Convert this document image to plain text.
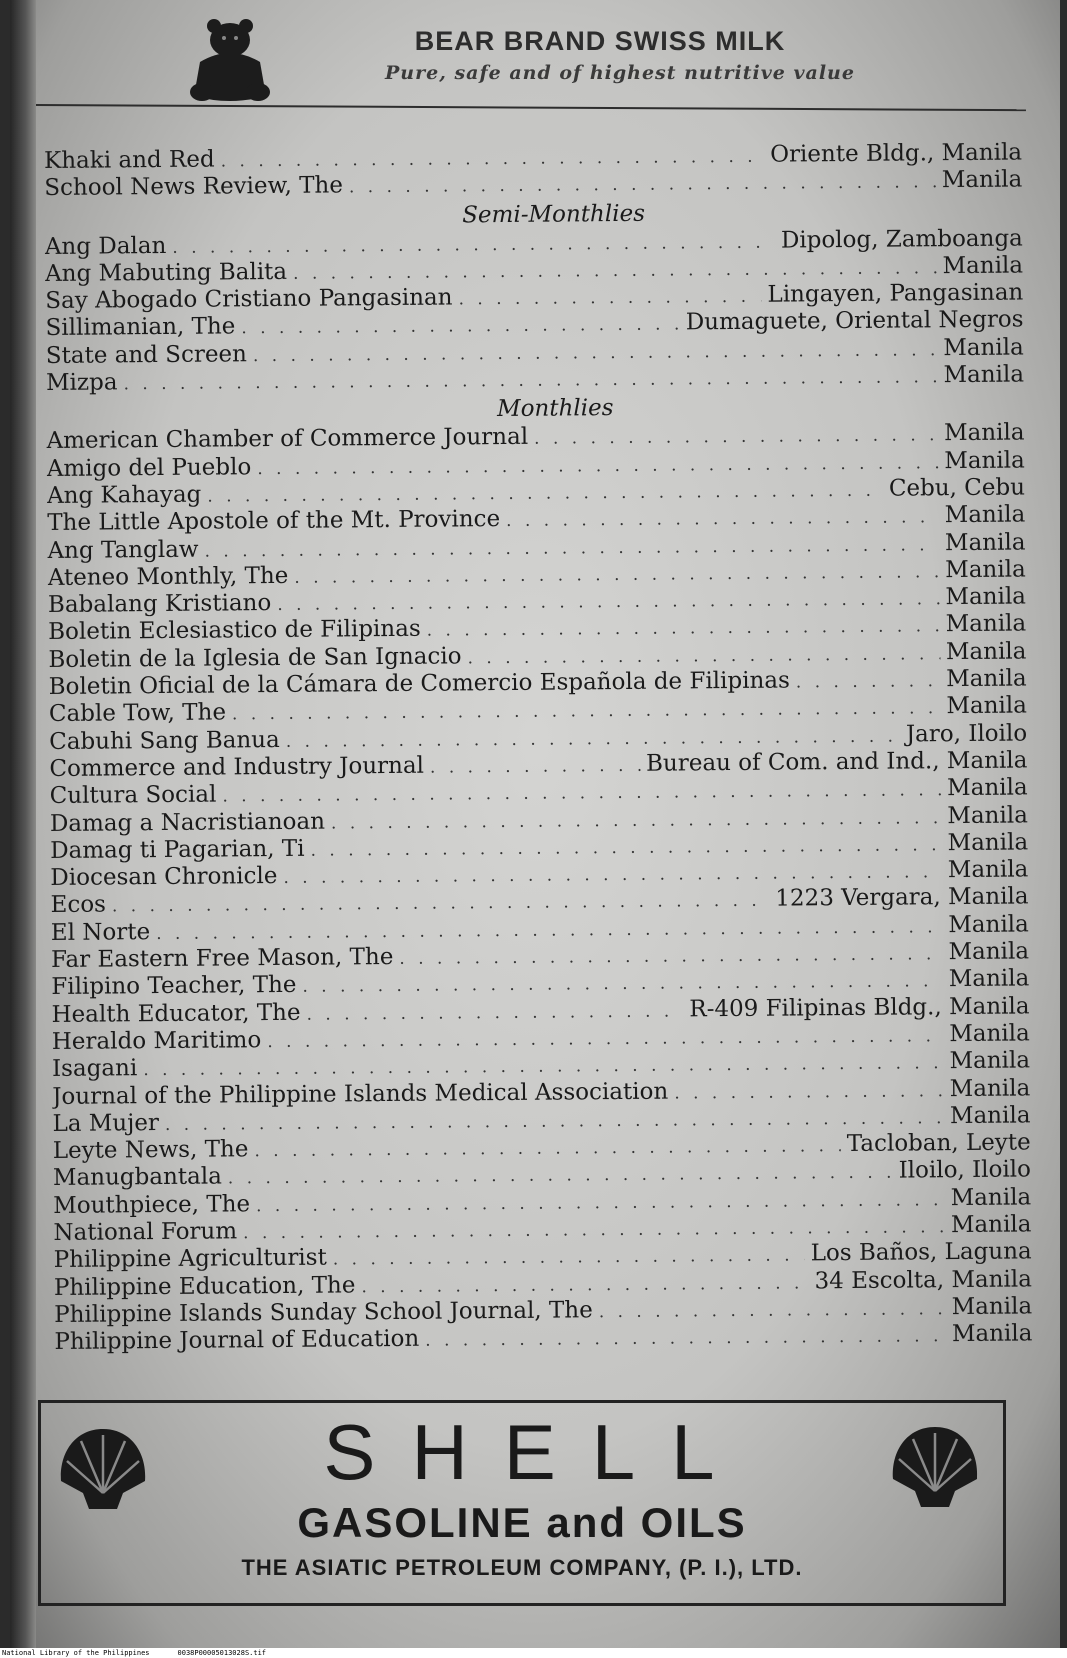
BEAR BRAND SWISS MILK
Pure, safe and of highest nutritive value
Khaki and Red . . .	Oriente Bldg., Manila
School News Review, The . . .	Manila
Semi-Monthlies
Ang Dalan . . .	Dipolog, Zamboanga
Ang Mabuting Balita . . .	Manila
Say Abogado Cristiano Pangasinan . . .	Lingayen, Pangasinan
Sillimanian, The . . .	Dumaguete, Oriental Negros
State and Screen . . .	Manila
Mizpa . . .	Manila
Monthlies
American Chamber of Commerce Journal . . .	Manila
Amigo del Pueblo . . .	Manila
Ang Kahayag . . .	Cebu, Cebu
The Little Apostole of the Mt. Province . . .	Manila
Ang Tanglaw . . .	Manila
Ateneo Monthly, The . . .	Manila
Babalang Kristiano . . .	Manila
Boletin Eclesiastico de Filipinas . . .	Manila
Boletin de la Iglesia de San Ignacio . . .	Manila
Boletin Oficial de la Cámara de Comercio Española de Filipinas . . .	Manila
Cable Tow, The . . .	Manila
Cabuhi Sang Banua . . .	Jaro, Iloilo
Commerce and Industry Journal . . .	Bureau of Com. and Ind., Manila
Cultura Social . . .	Manila
Damag a Nacristianoan . . .	Manila
Damag ti Pagarian, Ti . . .	Manila
Diocesan Chronicle . . .	Manila
Ecos . . .	1223 Vergara, Manila
El Norte . . .	Manila
Far Eastern Free Mason, The . . .	Manila
Filipino Teacher, The . . .	Manila
Health Educator, The . . .	R-409 Filipinas Bldg., Manila
Heraldo Maritimo . . .	Manila
Isagani . . .	Manila
Journal of the Philippine Islands Medical Association . . .	Manila
La Mujer . . .	Manila
Leyte News, The . . .	Tacloban, Leyte
Manugbantala . . .	Iloilo, Iloilo
Mouthpiece, The . . .	Manila
National Forum . . .	Manila
Philippine Agriculturist . . .	Los Baños, Laguna
Philippine Education, The . . .	34 Escolta, Manila
Philippine Islands Sunday School Journal, The . . .	Manila
Philippine Journal of Education . . .	Manila
SHELL
GASOLINE and OILS
THE ASIATIC PETROLEUM COMPANY, (P. I.), LTD.
National Library of the Philippines	0038P00005013028S.tif
